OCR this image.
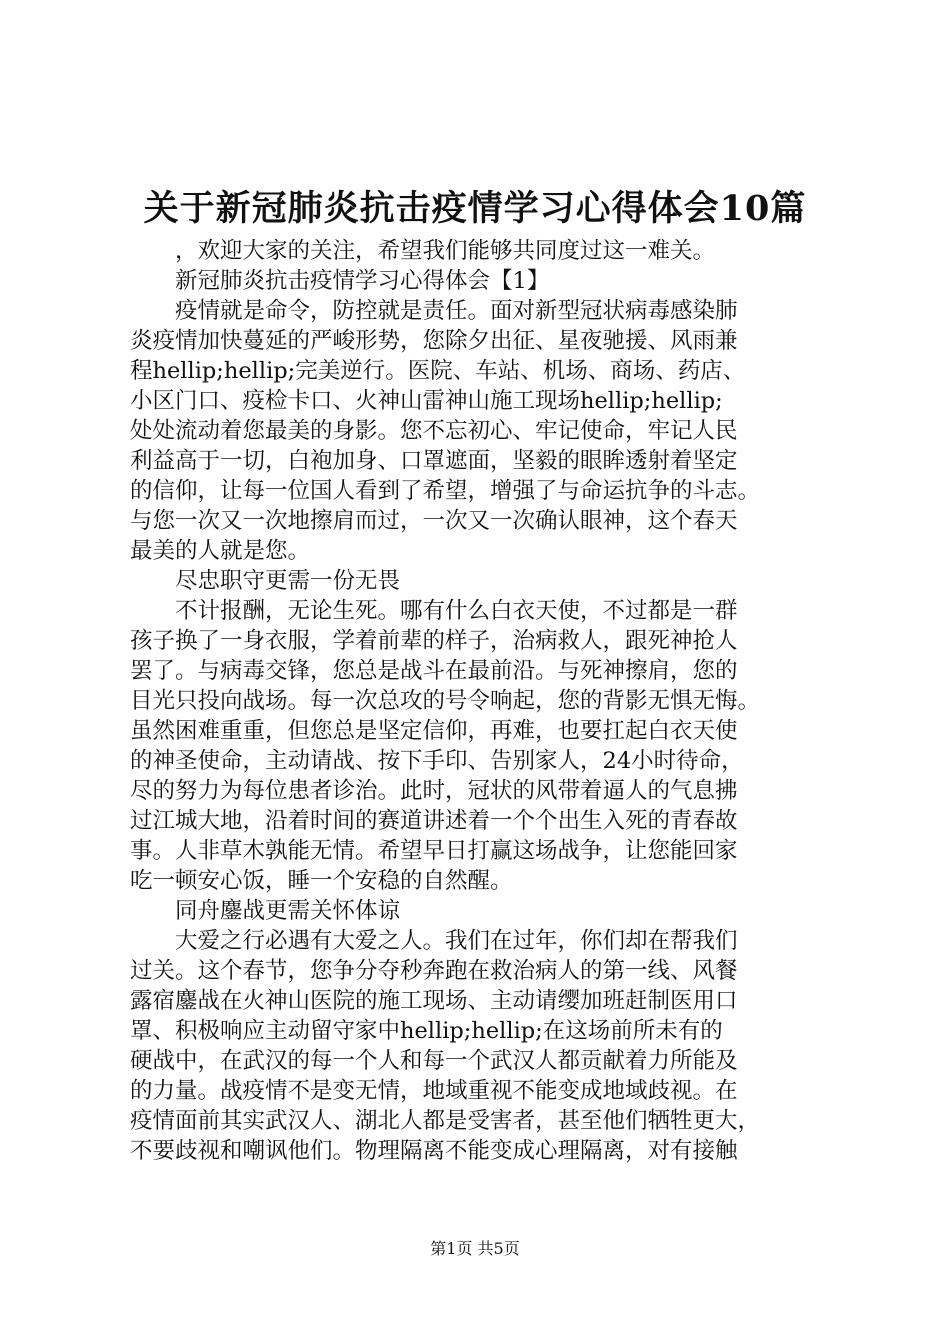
关于新冠肺炎抗击疫情学习心得体会10篇
，欢迎大家的关注，希望我们能够共同度过这一难关。
新冠肺炎抗击疫情学习心得体会【1】
疫情就是命令，防控就是责任。面对新型冠状病毒感染肺
炎疫情加快蔓延的严峻形势，您除夕出征、星夜驰援、风雨兼
程hellip;hellip;完美逆行。医院、车站、机场、商场、药店、
小区门口、疫检卡口、火神山雷神山施工现场hellip;hellip;
处处流动着您最美的身影。您不忘初心、牢记使命，牢记人民
利益高于一切，白袍加身、口罩遮面，坚毅的眼眸透射着坚定
的信仰，让每一位国人看到了希望，增强了与命运抗争的斗志。
与您一次又一次地擦肩而过，一次又一次确认眼神，这个春天
最美的人就是您。
尽忠职守更需一份无畏
不计报酬，无论生死。哪有什么白衣天使，不过都是一群
孩子换了一身衣服，学着前辈的样子，治病救人，跟死神抢人
罢了。与病毒交锋，您总是战斗在最前沿。与死神擦肩，您的
目光只投向战场。每一次总攻的号令响起，您的背影无惧无悔。
虽然困难重重，但您总是坚定信仰，再难，也要扛起白衣天使
的神圣使命，主动请战、按下手印、告别家人，24小时待命，
尽的努力为每位患者诊治。此时，冠状的风带着逼人的气息拂
过江城大地，沿着时间的赛道讲述着一个个出生入死的青春故
事。人非草木孰能无情。希望早日打赢这场战争，让您能回家
吃一顿安心饭，睡一个安稳的自然醒。
同舟鏖战更需关怀体谅
大爱之行必遇有大爱之人。我们在过年，你们却在帮我们
过关。这个春节，您争分夺秒奔跑在救治病人的第一线、风餐
露宿鏖战在火神山医院的施工现场、主动请缨加班赶制医用口
罩、积极响应主动留守家中hellip;hellip;在这场前所未有的
硬战中，在武汉的每一个人和每一个武汉人都贡献着力所能及
的力量。战疫情不是变无情，地域重视不能变成地域歧视。在
疫情面前其实武汉人、湖北人都是受害者，甚至他们牺牲更大，
不要歧视和嘲讽他们。物理隔离不能变成心理隔离，对有接触
第1页 共5页
